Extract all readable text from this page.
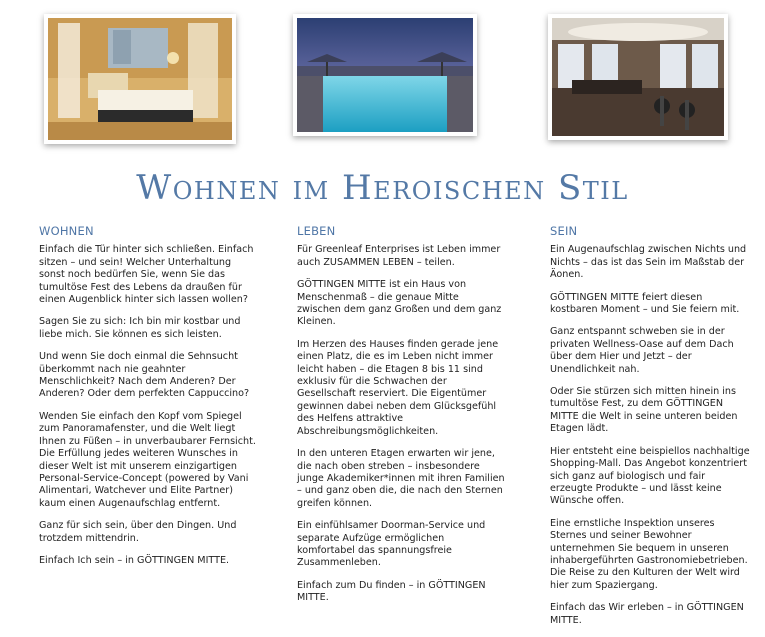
Wohnen im Heroischen Stil
WOHNEN

Einfach die Tür hinter sich schließen. Einfach sitzen – und sein! Welcher Unterhaltung sonst noch bedürfen Sie, wenn Sie das tumultöse Fest des Lebens da draußen für einen Augenblick hinter sich lassen wollen?

Sagen Sie zu sich: Ich bin mir kostbar und liebe mich. Sie können es sich leisten.

Und wenn Sie doch einmal die Sehnsucht überkommt nach nie geahnter Menschlichkeit? Nach dem Anderen? Der Anderen? Oder dem perfekten Cappuccino?

Wenden Sie einfach den Kopf vom Spiegel zum Panoramafenster, und die Welt liegt Ihnen zu Füßen – in unverbaubarer Fernsicht. Die Erfüllung jedes weiteren Wunsches in dieser Welt ist mit unserem einzigartigen Personal-Service-Concept (powered by Vani Alimentari, Watchever und Elite Partner) kaum einen Augenaufschlag entfernt.

Ganz für sich sein, über den Dingen. Und trotzdem mittendrin.

Einfach Ich sein – in GÖTTINGEN MITTE.

LEBEN

Für Greenleaf Enterprises ist Leben immer auch ZUSAMMEN LEBEN – teilen.

GÖTTINGEN MITTE ist ein Haus von Menschenmaß – die genaue Mitte zwischen dem ganz Großen und dem ganz Kleinen.

Im Herzen des Hauses finden gerade jene einen Platz, die es im Leben nicht immer leicht haben – die Etagen 8 bis 11 sind exklusiv für die Schwachen der Gesellschaft reserviert. Die Eigentümer gewinnen dabei neben dem Glücksgefühl des Helfens attraktive Abschreibungsmöglichkeiten.

In den unteren Etagen erwarten wir jene, die nach oben streben – insbesondere junge Akademiker*innen mit ihren Familien – und ganz oben die, die nach den Sternen greifen können.

Ein einfühlsamer Doorman-Service und separate Aufzüge ermöglichen komfortabel das spannungsfreie Zusammenleben.

Einfach zum Du finden – in GÖTTINGEN MITTE.

SEIN

Ein Augenaufschlag zwischen Nichts und Nichts – das ist das Sein im Maßstab der Äonen.

GÖTTINGEN MITTE feiert diesen kostbaren Moment – und Sie feiern mit.

Ganz entspannt schweben sie in der privaten Wellness-Oase auf dem Dach über dem Hier und Jetzt – der Unendlichkeit nah.

Oder Sie stürzen sich mitten hinein ins tumultöse Fest, zu dem GÖTTINGEN MITTE die Welt in seine unteren beiden Etagen lädt.

Hier entsteht eine beispiellos nachhaltige Shopping-Mall. Das Angebot konzentriert sich ganz auf biologisch und fair erzeugte Produkte – und lässt keine Wünsche offen.

Eine ernstliche Inspektion unseres Sternes und seiner Bewohner unternehmen Sie bequem in unseren inhabergeführten Gastronomiebetrieben. Die Reise zu den Kulturen der Welt wird hier zum Spaziergang.

Einfach das Wir erleben – in GÖTTINGEN MITTE.
